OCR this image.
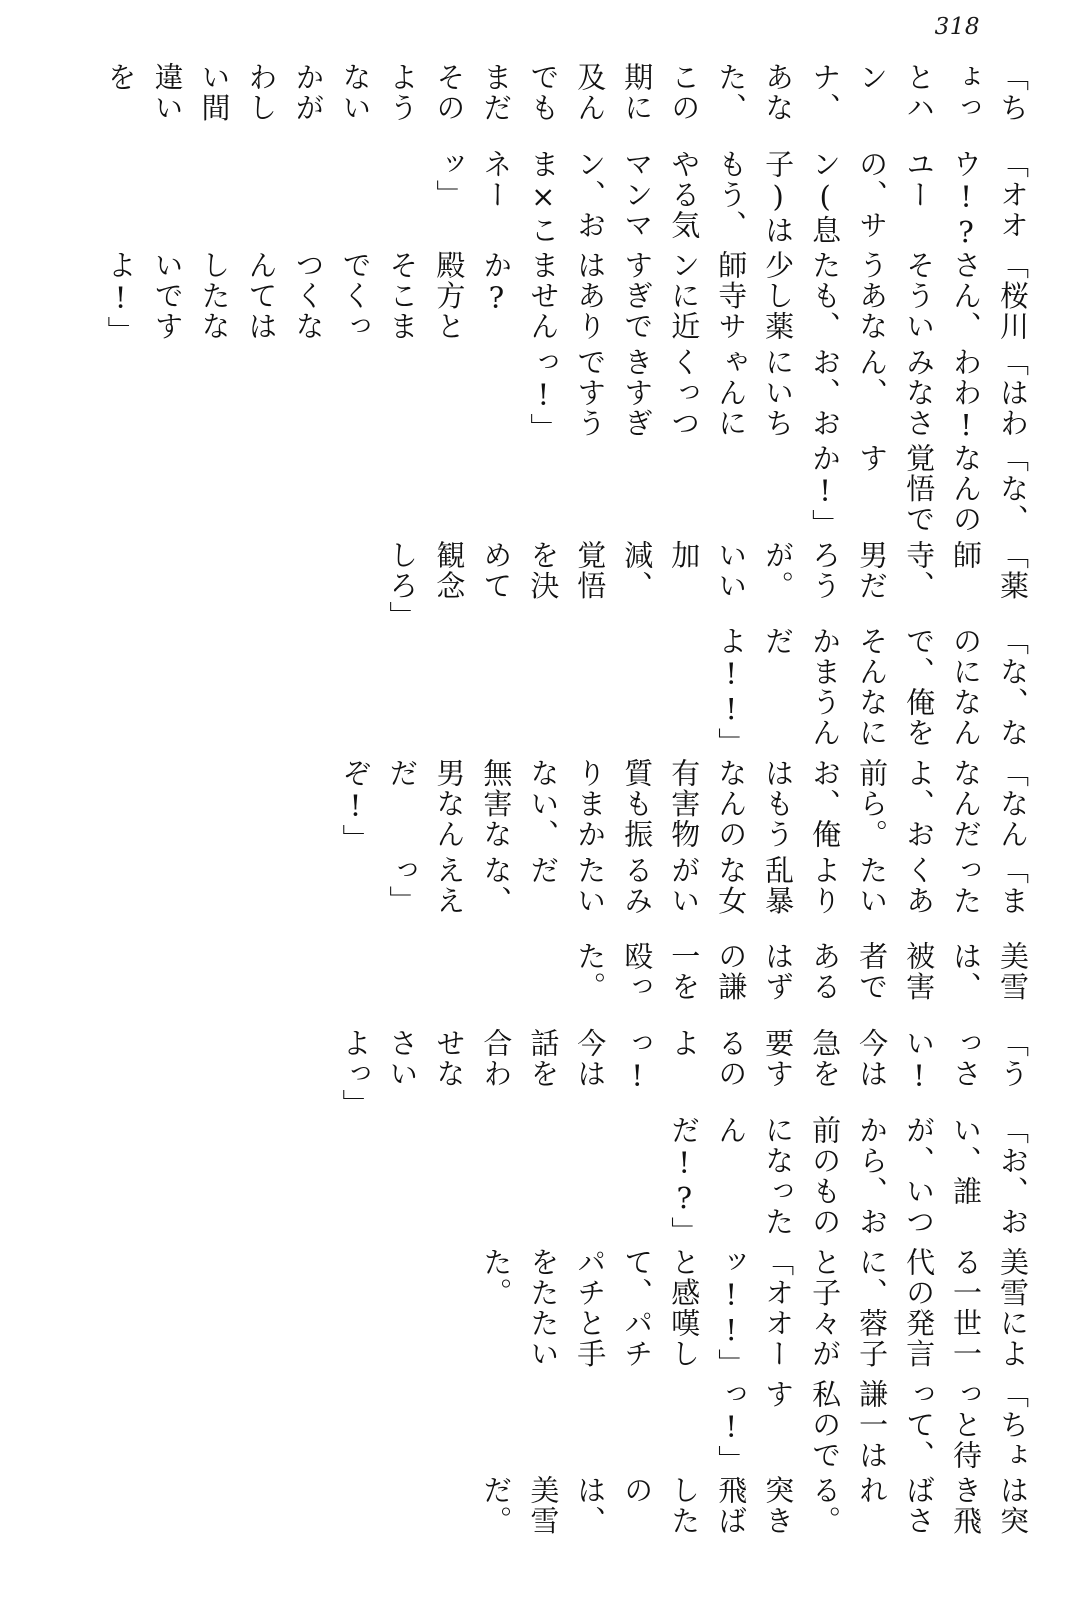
318

は突き飛ばされる。突き飛ばしたのは、美雪だ。

「ちょっと待って、謙一は私のですっ!」

美雪による一世一代の発言に、蓉子と子々が「オオーッ!!」と感嘆して、パチパチと手をたたいた。

「お、おい、誰が、いつから、お前のものになったんだ!?」

「うっさい! 今は急を要するのよっ! 今は話を合わせなさいよっ」

美雪は、被害者であるはずの謙一を殴った。

「まったくあたいより乱暴な女がいるみたいだな、ええっ」

「なんなんだよ、お前ら。お、俺はもうなんの有害物質も振りまかない、無害な男なんだぞ!」

「な、なのになんで、俺をそんなにかまうんだよ!!」

「薬師寺、男だろうが。いい加減、覚悟を決めて観念しろ」

「な、なんの覚悟ですか!」

「はわわわ! みなさん、お、おにいちゃんにくっつきすぎですうっ!」

「桜川さん、そういうあなたも、少し薬師寺サンに近すぎではありませんか? 殿方とそこまでくっつくなんてはしたないですよ!」

「オオウ!? ユーの、サン(息子)はもう、やる気マンマン、おま×こネーッ」

「ちょっとハンナ、あなた、この期に及んでもまだそのようないかがわしい間違いを
